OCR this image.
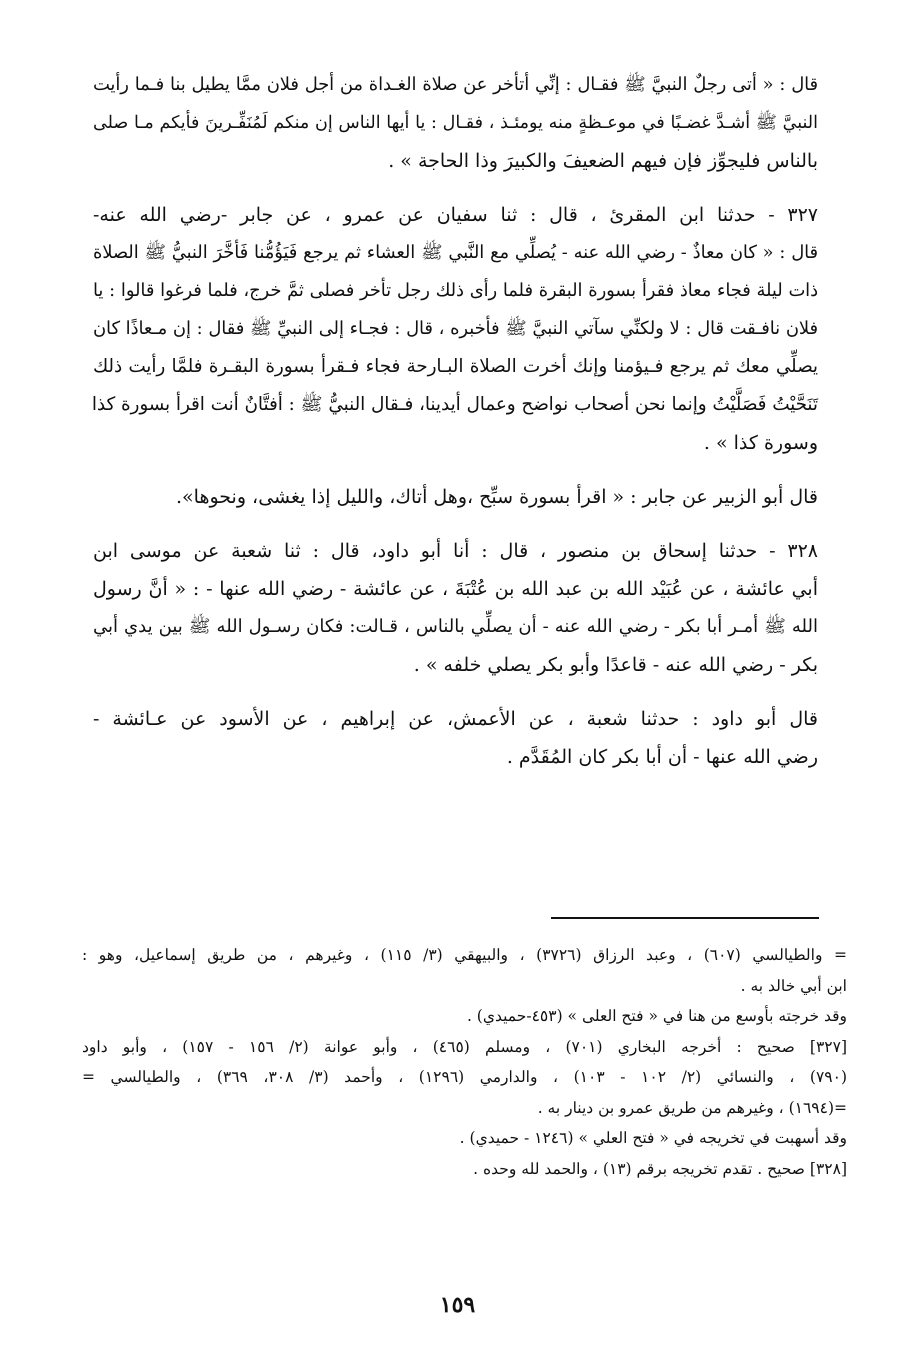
قال : « أتى رجلٌ النبيَّ ﷺ فقـال : إنِّي أتأخر عن صلاة الغـداة من أجل فلان ممَّا يطيل بنا فـما رأيت
النبيَّ ﷺ أشـدَّ غضـبًا في موعـظةٍ منه يومئـذ ، فقـال : يا أيها الناس إن منكم لَمُنَفِّـرينَ فأيكم مـا صلى
بالناس فليجوِّز فإن فيهم الضعيفَ والكبيرَ وذا الحاجة » .
٣٢٧ - حدثنا ابن المقرئ ، قال : ثنا سفيان عن عمرو ، عن جابر -رضي الله عنه-
قال : « كان معاذٌ - رضي الله عنه - يُصلِّي مع النَّبي ﷺ العشاء ثم يرجع فَيَؤُمُّنا فَأخَّرَ النبيُّ ﷺ الصلاة
ذات ليلة فجاء معاذ فقرأ بسورة البقرة فلما رأى ذلك رجل تأخر فصلى ثمَّ خرج، فلما فرغوا قالوا : يا
فلان نافـقت قال : لا ولكنِّي سآتي النبيَّ ﷺ فأخبره ، قال : فجـاء إلى النبيِّ ﷺ فقال : إن مـعاذًا كان
يصلِّي معك ثم يرجع فـيؤمنا وإنك أخرت الصلاة البـارحة فجاء فـقرأ بسورة البقـرة فلمَّا رأيت ذلك
تَنَحَّيْتُ فَصَلَّيْتُ وإنما نحن أصحاب نواضح وعمال أيدينا، فـقال النبيُّ ﷺ : أفتَّانٌ أنت اقرأ بسورة كذا
وسورة كذا » .
قال أبو الزبير عن جابر : « اقرأ بسورة سبِّح ،وهل أتاك، والليل إذا يغشى، ونحوها».
٣٢٨ - حدثنا إسحاق بن منصور ، قال : أنا أبو داود، قال : ثنا شعبة عن موسى ابن
أبي عائشة ، عن عُبَيْد الله بن عبد الله بن عُتْبَةَ ، عن عائشة - رضي الله عنها - : « أنَّ رسول
الله ﷺ أمـر أبا بكر - رضي الله عنه - أن يصلِّي بالناس ، قـالت: فكان رسـول الله ﷺ بين يدي أبي
بكر - رضي الله عنه - قاعدًا وأبو بكر يصلي خلفه » .
قال أبو داود : حدثنا شعبة ، عن الأعمش، عن إبراهيم ، عن الأسود عن عـائشة -
رضي الله عنها - أن أبا بكر كان المُقَدَّم .
= والطيالسي (٦٠٧) ، وعبد الرزاق (٣٧٢٦) ، والبيهقي (٣/ ١١٥) ، وغيرهم ، من طريق إسماعيل، وهو :
ابن أبي خالد به .
وقد خرجته بأوسع من هنا في « فتح العلى » (٤٥٣-حميدي) .
[٣٢٧] صحيح : أخرجه البخاري (٧٠١) ، ومسلم (٤٦٥) ، وأبو عوانة (٢/ ١٥٦ - ١٥٧) ، وأبو داود
(٧٩٠) ، والنسائي (٢/ ١٠٢ - ١٠٣) ، والدارمي (١٢٩٦) ، وأحمد (٣/ ٣٠٨، ٣٦٩) ، والطيالسي =
=(١٦٩٤) ، وغيرهم من طريق عمرو بن دينار به .
وقد أسهبت في تخريجه في « فتح العلي » (١٢٤٦ - حميدي) .
[٣٢٨] صحيح . تقدم تخريجه برقم (١٣) ، والحمد لله وحده .
١٥٩
